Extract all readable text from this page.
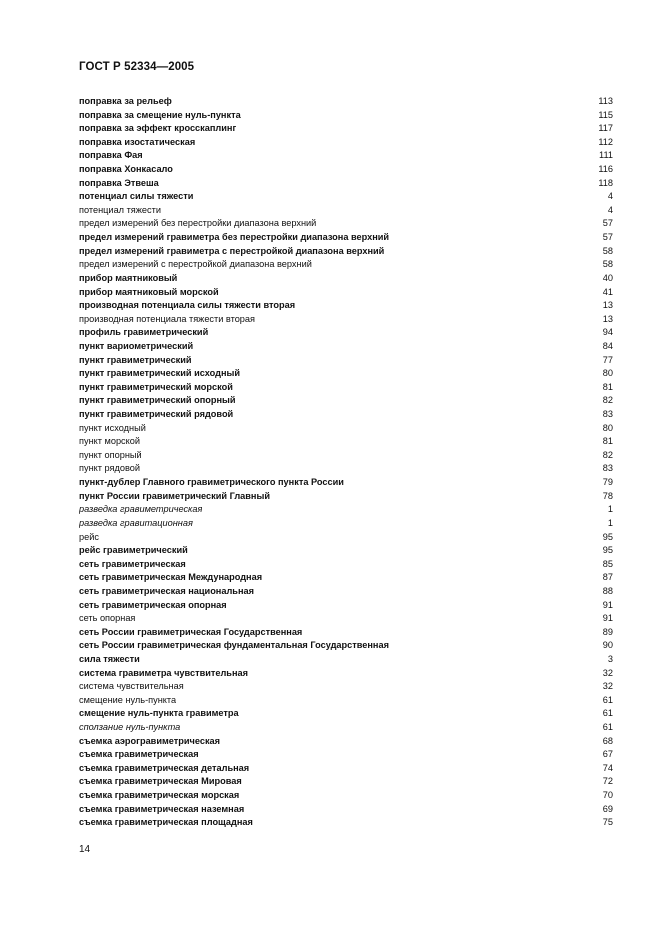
ГОСТ Р 52334—2005
поправка за рельеф	113
поправка за смещение нуль-пункта	115
поправка за эффект кросскаплинг	117
поправка изостатическая	112
поправка Фая	111
поправка Хонкасало	116
поправка Этвеша	118
потенциал силы тяжести	4
потенциал тяжести	4
предел измерений без перестройки диапазона верхний	57
предел измерений гравиметра без перестройки диапазона верхний	57
предел измерений гравиметра с перестройкой диапазона верхний	58
предел измерений с перестройкой диапазона верхний	58
прибор маятниковый	40
прибор маятниковый морской	41
производная потенциала силы тяжести вторая	13
производная потенциала тяжести вторая	13
профиль гравиметрический	94
пункт вариометрический	84
пункт гравиметрический	77
пункт гравиметрический исходный	80
пункт гравиметрический морской	81
пункт гравиметрический опорный	82
пункт гравиметрический рядовой	83
пункт исходный	80
пункт морской	81
пункт опорный	82
пункт рядовой	83
пункт-дублер Главного гравиметрического пункта России	79
пункт России гравиметрический Главный	78
разведка гравиметрическая	1
разведка гравитационная	1
рейс	95
рейс гравиметрический	95
сеть гравиметрическая	85
сеть гравиметрическая Международная	87
сеть гравиметрическая национальная	88
сеть гравиметрическая опорная	91
сеть опорная	91
сеть России гравиметрическая Государственная	89
сеть России гравиметрическая фундаментальная Государственная	90
сила тяжести	3
система гравиметра чувствительная	32
система чувствительная	32
смещение нуль-пункта	61
смещение нуль-пункта гравиметра	61
сползание нуль-пункта	61
съемка аэрогравиметрическая	68
съемка гравиметрическая	67
съемка гравиметрическая детальная	74
съемка гравиметрическая Мировая	72
съемка гравиметрическая морская	70
съемка гравиметрическая наземная	69
съемка гравиметрическая площадная	75
14
